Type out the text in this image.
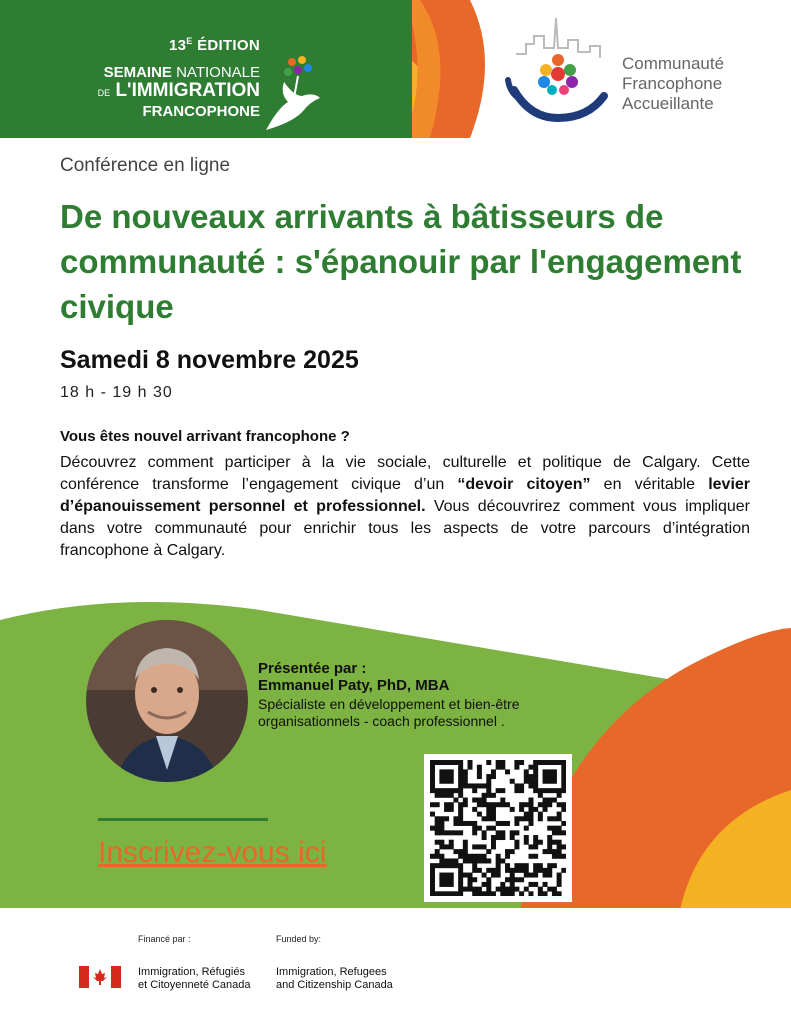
$13^E$ ÉDITION
SEMAINE NATIONALE
DE L'IMMIGRATION
FRANCOPHONE
Communauté
Francophone
Accueillante
Conférence en ligne
De nouveaux arrivants à bâtisseurs de communauté : s'épanouir par l'engagement civique
Samedi 8 novembre 2025
18 h - 19 h 30
Vous êtes nouvel arrivant francophone ?
Découvrez comment participer à la vie sociale, culturelle et politique de Calgary. Cette conférence transforme l’engagement civique d’un “devoir citoyen” en véritable levier d’épanouissement personnel et professionnel. Vous découvrirez comment vous impliquer dans votre communauté pour enrichir tous les aspects de votre parcours d’intégration francophone à Calgary.
Présentée par :
Emmanuel Paty, PhD, MBA
Spécialiste en développement et bien-être organisationnels - coach professionnel .
Inscrivez-vous ici
Financé par :	Funded by:
Immigration, Réfugiés
et Citoyenneté Canada
Immigration, Refugees
and Citizenship Canada
